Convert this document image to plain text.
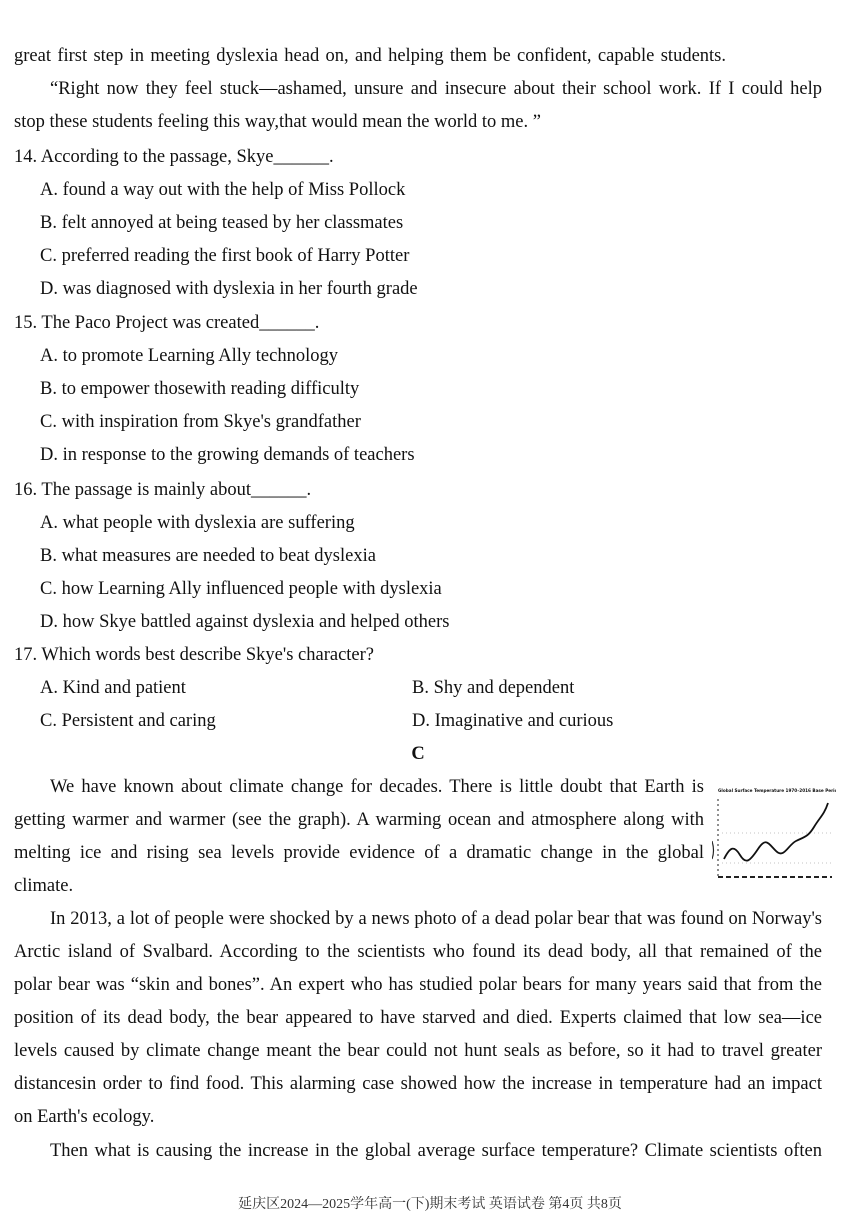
great first step in meeting dyslexia head on, and helping them be confident, capable students.
“Right now they feel stuck—ashamed, unsure and insecure about their school work. If I could help
stop these students feeling this way,that would mean the world to me. ”
14. According to the passage, Skye______.
A. found a way out with the help of Miss Pollock
B. felt annoyed at being teased by her classmates
C. preferred reading the first book of Harry Potter
D. was diagnosed with dyslexia in her fourth grade
15. The Paco Project was created______.
A. to promote Learning Ally technology
B. to empower thosewith reading difficulty
C. with inspiration from Skye's grandfather
D. in response to the growing demands of teachers
16. The passage is mainly about______.
A. what people with dyslexia are suffering
B. what measures are needed to beat dyslexia
C. how Learning Ally influenced people with dyslexia
D. how Skye battled against dyslexia and helped others
17. Which words best describe Skye's character?
A. Kind and patient	B. Shy and dependent
C. Persistent and caring	D. Imaginative and curious
C
We have known about climate change for decades. There is little doubt that Earth is
getting warmer and warmer (see the graph). A warming ocean and atmosphere along with
melting ice and rising sea levels provide evidence of a dramatic change in the global
climate.
Global Surface Temperature 1970–2016 Base Period
In 2013, a lot of people were shocked by a news photo of a dead polar bear that was found on Norway's
Arctic island of Svalbard. According to the scientists who found its dead body, all that remained of the
polar bear was “skin and bones”. An expert who has studied polar bears for many years said that from the
position of its dead body, the bear appeared to have starved and died. Experts claimed that low sea—ice
levels caused by climate change meant the bear could not hunt seals as before, so it had to travel greater
distancesin order to find food. This alarming case showed how the increase in temperature had an impact
on Earth's ecology.
Then what is causing the increase in the global average surface temperature? Climate scientists often
延庆区2024—2025学年高一(下)期末考试 英语试卷 第4页 共8页
